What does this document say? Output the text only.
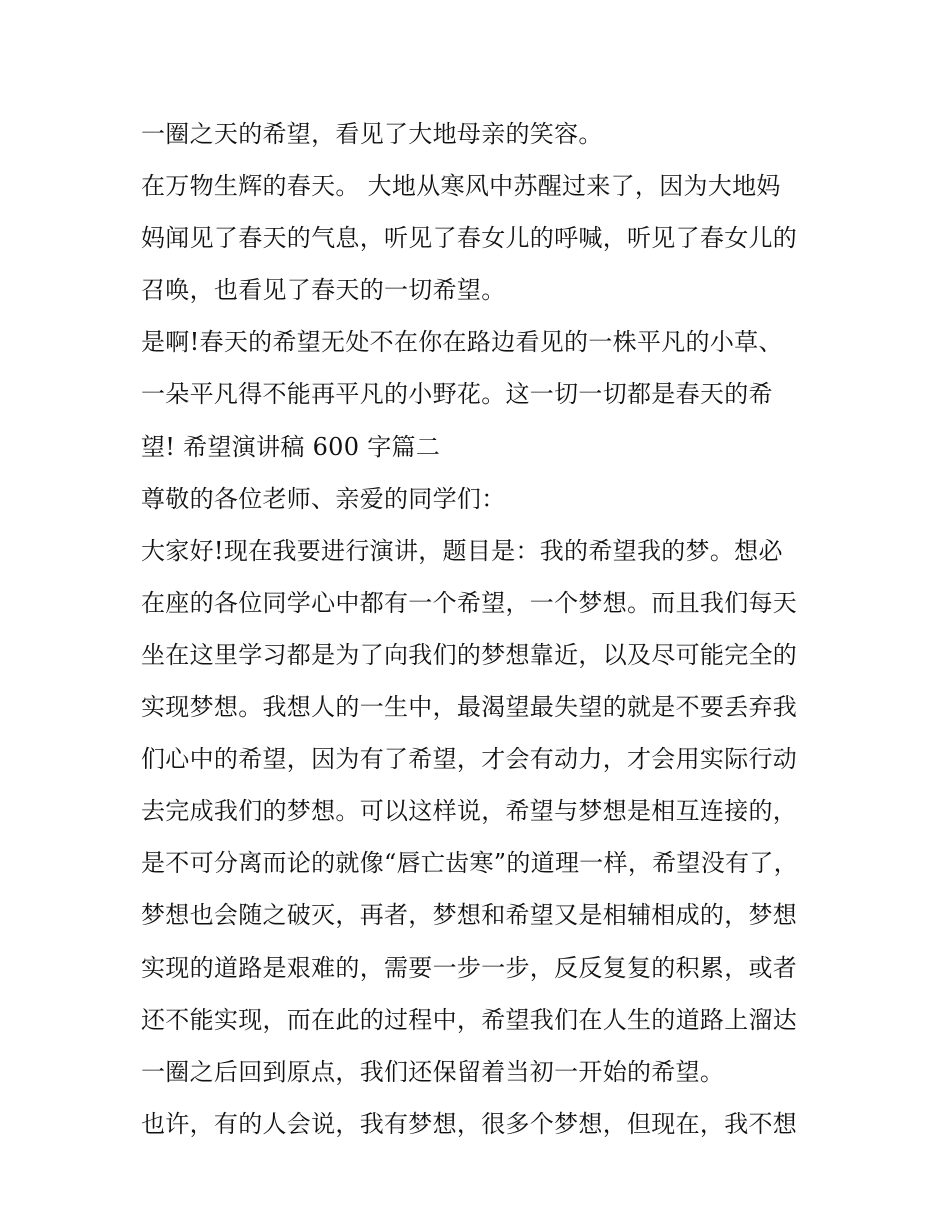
一圈之天的希望，看见了大地母亲的笑容。
在万物生辉的春天。 大地从寒风中苏醒过来了，因为大地妈
妈闻见了春天的气息，听见了春女儿的呼喊，听见了春女儿的
召唤，也看见了春天的一切希望。
是啊!春天的希望无处不在你在路边看见的一株平凡的小草、
一朵平凡得不能再平凡的小野花。这一切一切都是春天的希
望! 希望演讲稿 600 字篇二
尊敬的各位老师、亲爱的同学们：
大家好!现在我要进行演讲，题目是：我的希望我的梦。想必
在座的各位同学心中都有一个希望，一个梦想。而且我们每天
坐在这里学习都是为了向我们的梦想靠近，以及尽可能完全的
实现梦想。我想人的一生中，最渴望最失望的就是不要丢弃我
们心中的希望，因为有了希望，才会有动力，才会用实际行动
去完成我们的梦想。可以这样说，希望与梦想是相互连接的，
是不可分离而论的就像“唇亡齿寒”的道理一样，希望没有了，
梦想也会随之破灭，再者，梦想和希望又是相辅相成的，梦想
实现的道路是艰难的，需要一步一步，反反复复的积累，或者
还不能实现，而在此的过程中，希望我们在人生的道路上溜达
一圈之后回到原点，我们还保留着当初一开始的希望。
也许，有的人会说，我有梦想，很多个梦想，但现在，我不想
